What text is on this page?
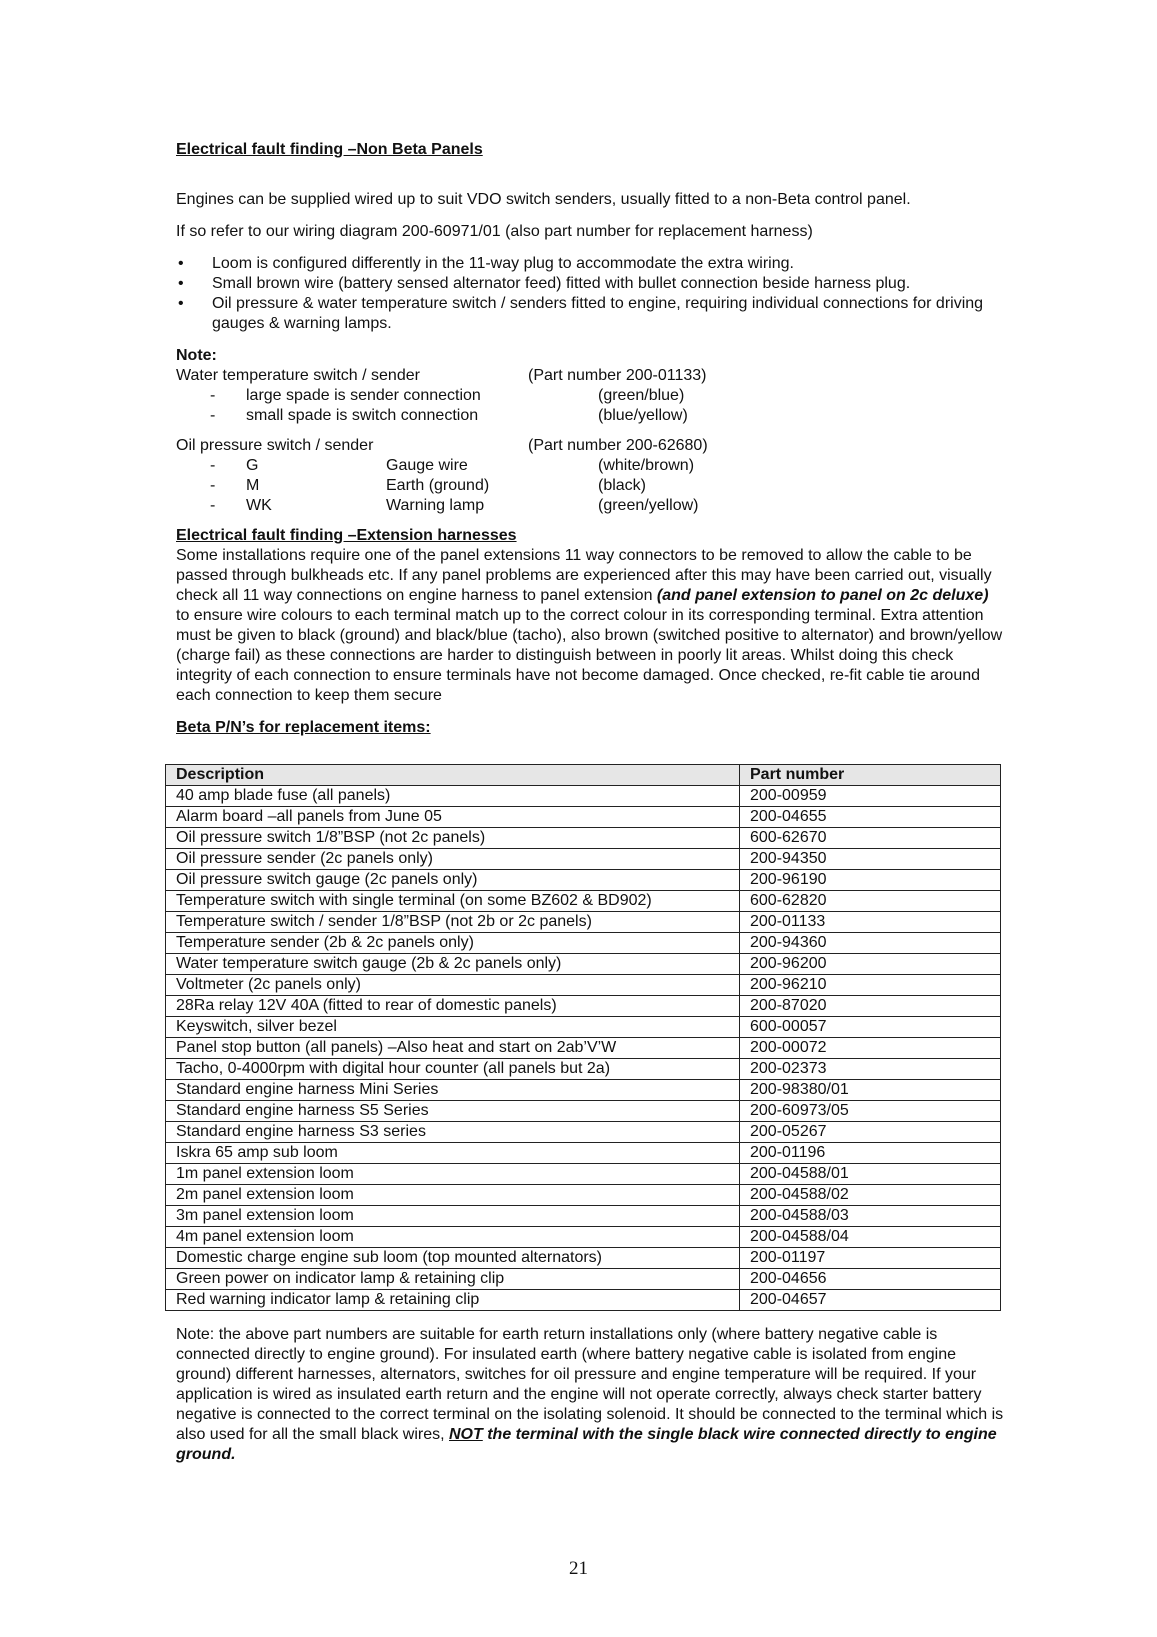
Electrical fault finding –Non Beta Panels

Engines can be supplied wired up to suit VDO switch senders, usually fitted to a non-Beta control panel.

If so refer to our wiring diagram 200-60971/01 (also part number for replacement harness)

• Loom is configured differently in the 11-way plug to accommodate the extra wiring.
• Small brown wire (battery sensed alternator feed) fitted with bullet connection beside harness plug.
• Oil pressure & water temperature switch / senders fitted to engine, requiring individual connections for driving gauges & warning lamps.
Note:
Water temperature switch / sender	(Part number 200-01133)
- large spade is sender connection	(green/blue)
- small spade is switch connection	(blue/yellow)
Oil pressure switch / sender	(Part number 200-62680)
- G	Gauge wire	(white/brown)
- M	Earth (ground)	(black)
- WK	Warning lamp	(green/yellow)

Electrical fault finding –Extension harnesses

Some installations require one of the panel extensions 11 way connectors to be removed to allow the cable to be passed through bulkheads etc. If any panel problems are experienced after this may have been carried out, visually check all 11 way connections on engine harness to panel extension (and panel extension to panel on 2c deluxe) to ensure wire colours to each terminal match up to the correct colour in its corresponding terminal. Extra attention must be given to black (ground) and black/blue (tacho), also brown (switched positive to alternator) and brown/yellow (charge fail) as these connections are harder to distinguish between in poorly lit areas. Whilst doing this check integrity of each connection to ensure terminals have not become damaged. Once checked, re-fit cable tie around each connection to keep them secure

Beta P/N’s for replacement items:

Description	Part number
40 amp blade fuse (all panels)	200-00959
Alarm board –all panels from June 05	200-04655
Oil pressure switch 1/8”BSP (not 2c panels)	600-62670
Oil pressure sender (2c panels only)	200-94350
Oil pressure switch gauge (2c panels only)	200-96190
Temperature switch with single terminal (on some BZ602 & BD902)	600-62820
Temperature switch / sender 1/8”BSP (not 2b or 2c panels)	200-01133
Temperature sender (2b & 2c panels only)	200-94360
Water temperature switch gauge (2b & 2c panels only)	200-96200
Voltmeter (2c panels only)	200-96210
28Ra relay 12V 40A (fitted to rear of domestic panels)	200-87020
Keyswitch, silver bezel	600-00057
Panel stop button (all panels) –Also heat and start on 2ab’V’W	200-00072
Tacho, 0-4000rpm with digital hour counter (all panels but 2a)	200-02373
Standard engine harness Mini Series	200-98380/01
Standard engine harness S5 Series	200-60973/05
Standard engine harness S3 series	200-05267
Iskra 65 amp sub loom	200-01196
1m panel extension loom	200-04588/01
2m panel extension loom	200-04588/02
3m panel extension loom	200-04588/03
4m panel extension loom	200-04588/04
Domestic charge engine sub loom (top mounted alternators)	200-01197
Green power on indicator lamp & retaining clip	200-04656
Red warning indicator lamp & retaining clip	200-04657

Note: the above part numbers are suitable for earth return installations only (where battery negative cable is connected directly to engine ground). For insulated earth (where battery negative cable is isolated from engine ground) different harnesses, alternators, switches for oil pressure and engine temperature will be required. If your application is wired as insulated earth return and the engine will not operate correctly, always check starter battery negative is connected to the correct terminal on the isolating solenoid. It should be connected to the terminal which is also used for all the small black wires, NOT the terminal with the single black wire connected directly to engine ground.

21
